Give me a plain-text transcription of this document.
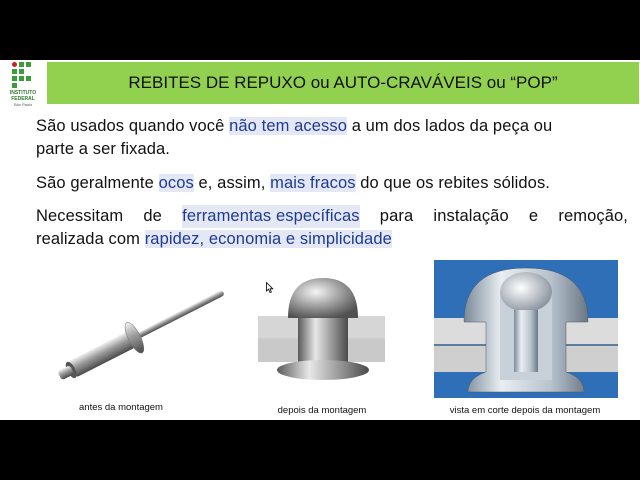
INSTITUTO
FEDERAL
São Paulo
REBITES DE REPUXO ou AUTO-CRAVÁVEIS ou “POP”
São usados quando você não tem acesso a um dos lados da peça ou
parte a ser fixada.
São geralmente ocos e, assim, mais fracos do que os rebites sólidos.
Necessitam de ferramentas específicas para instalação e remoção,
realizada com rapidez, economia e simplicidade
antes da montagem	depois da montagem	vista em corte depois da montagem
